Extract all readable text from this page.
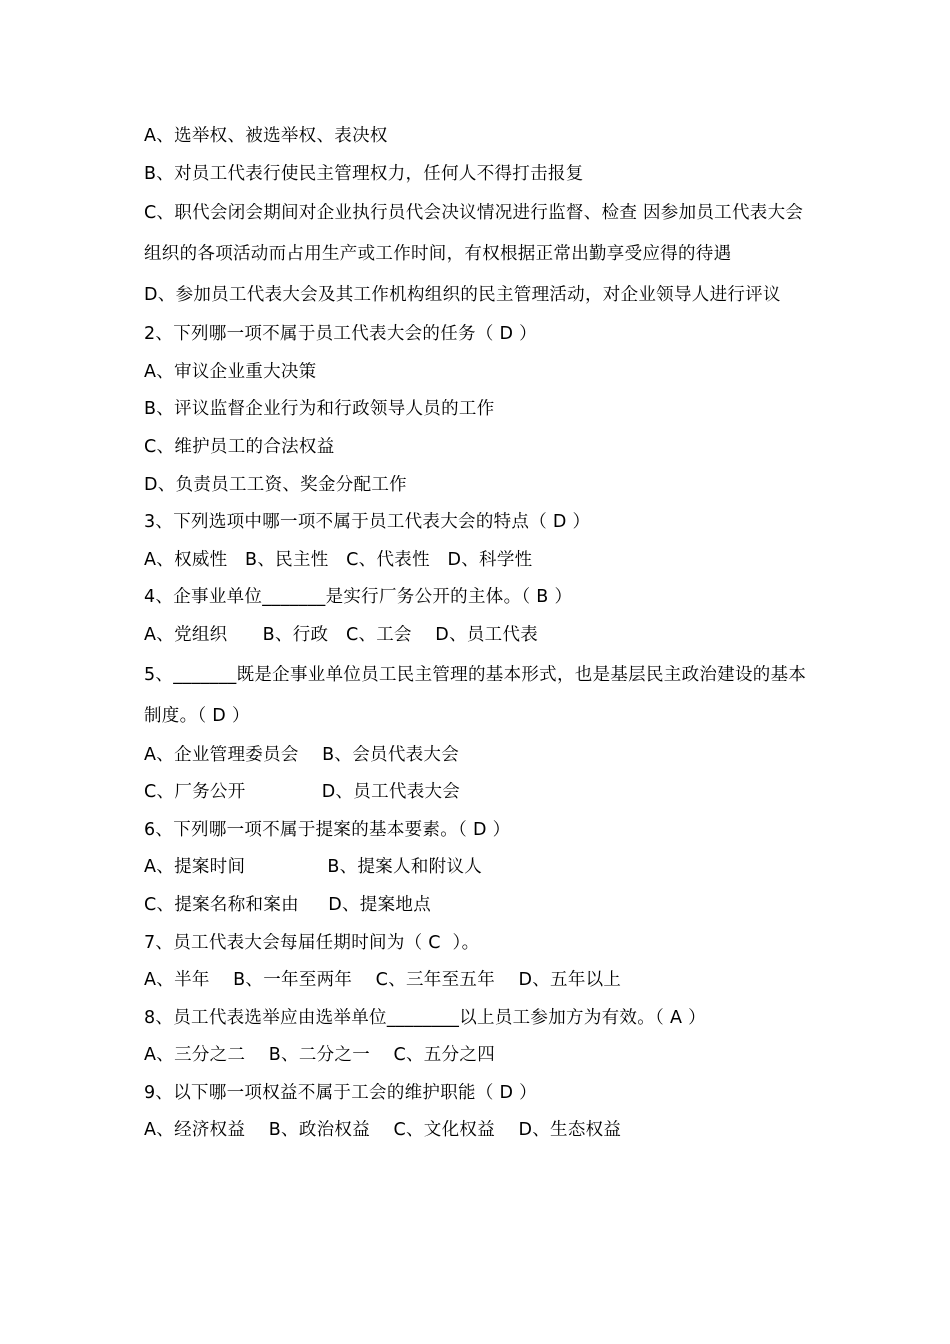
A、选举权、被选举权、表决权
B、对员工代表行使民主管理权力，任何人不得打击报复
C、职代会闭会期间对企业执行员代会决议情况进行监督、检查 因参加员工代表大会组织的各项活动而占用生产或工作时间，有权根据正常出勤享受应得的待遇
D、参加员工代表大会及其工作机构组织的民主管理活动，对企业领导人进行评议
2、下列哪一项不属于员工代表大会的任务（ D ）
A、审议企业重大决策
B、评议监督企业行为和行政领导人员的工作
C、维护员工的合法权益
D、负责员工工资、奖金分配工作
3、下列选项中哪一项不属于员工代表大会的特点（ D ）
A、权威性   B、民主性   C、代表性   D、科学性
4、企事业单位_______是实行厂务公开的主体。（ B ）
A、党组织      B、行政   C、工会    D、员工代表
5、_______既是企事业单位员工民主管理的基本形式，也是基层民主政治建设的基本制度。（ D ）
A、企业管理委员会    B、会员代表大会
C、厂务公开             D、员工代表大会
6、下列哪一项不属于提案的基本要素。（ D ）
A、提案时间              B、提案人和附议人
C、提案名称和案由     D、提案地点
7、员工代表大会每届任期时间为（ C  ）。
A、半年    B、一年至两年    C、三年至五年    D、五年以上
8、员工代表选举应由选举单位________以上员工参加方为有效。（ A ）
A、三分之二    B、二分之一    C、五分之四
9、以下哪一项权益不属于工会的维护职能（ D ）
A、经济权益    B、政治权益    C、文化权益    D、生态权益
